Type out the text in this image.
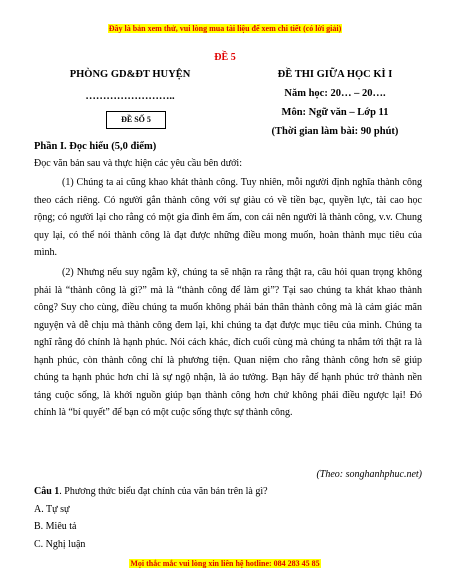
Đây là bản xem thử, vui lòng mua tài liệu để xem chi tiết (có lời giải)
ĐỀ 5
PHÒNG GD&ĐT HUYỆN
……………………..
ĐỀ SỐ 5
ĐỀ THI GIỮA HỌC KÌ I
Năm học: 20… – 20….
Môn: Ngữ văn – Lớp 11
(Thời gian làm bài: 90 phút)
Phần I. Đọc hiểu (5,0 điểm)
Đọc văn bản sau và thực hiện các yêu cầu bên dưới:

(1) Chúng ta ai cũng khao khát thành công. Tuy nhiên, mỗi người định nghĩa thành công theo cách riêng. Có người gắn thành công với sự giàu có về tiền bạc, quyền lực, tài cao học rộng; có người lại cho rằng có một gia đình êm ấm, con cái nên người là thành công, v.v. Chung quy lại, có thể nói thành công là đạt được những điều mong muốn, hoàn thành mục tiêu của mình.

(2) Nhưng nếu suy ngẫm kỹ, chúng ta sẽ nhận ra rằng thật ra, câu hỏi quan trọng không phải là “thành công là gì?” mà là “thành công để làm gì”? Tại sao chúng ta khát khao thành công? Suy cho cùng, điều chúng ta muốn không phải bản thân thành công mà là cảm giác mãn nguyện và dễ chịu mà thành công đem lại, khi chúng ta đạt được mục tiêu của mình. Chúng ta nghĩ rằng đó chính là hạnh phúc. Nói cách khác, đích cuối cùng mà chúng ta nhắm tới thật ra là hạnh phúc, còn thành công chỉ là phương tiện. Quan niệm cho rằng thành công hơn sẽ giúp chúng ta hạnh phúc hơn chỉ là sự ngộ nhận, là ảo tưởng. Bạn hãy để hạnh phúc trở thành nền tảng cuộc sống, là khởi nguồn giúp bạn thành công hơn chứ không phải điều ngược lại! Đó chính là “bí quyết” để bạn có một cuộc sống thực sự thành công.

(Theo: songhanhphuc.net)
Câu 1. Phương thức biểu đạt chính của văn bản trên là gì?
A. Tự sự
B. Miêu tả
C. Nghị luận
Mọi thắc mắc vui lòng xin liên hệ hotline: 084 283 45 85
